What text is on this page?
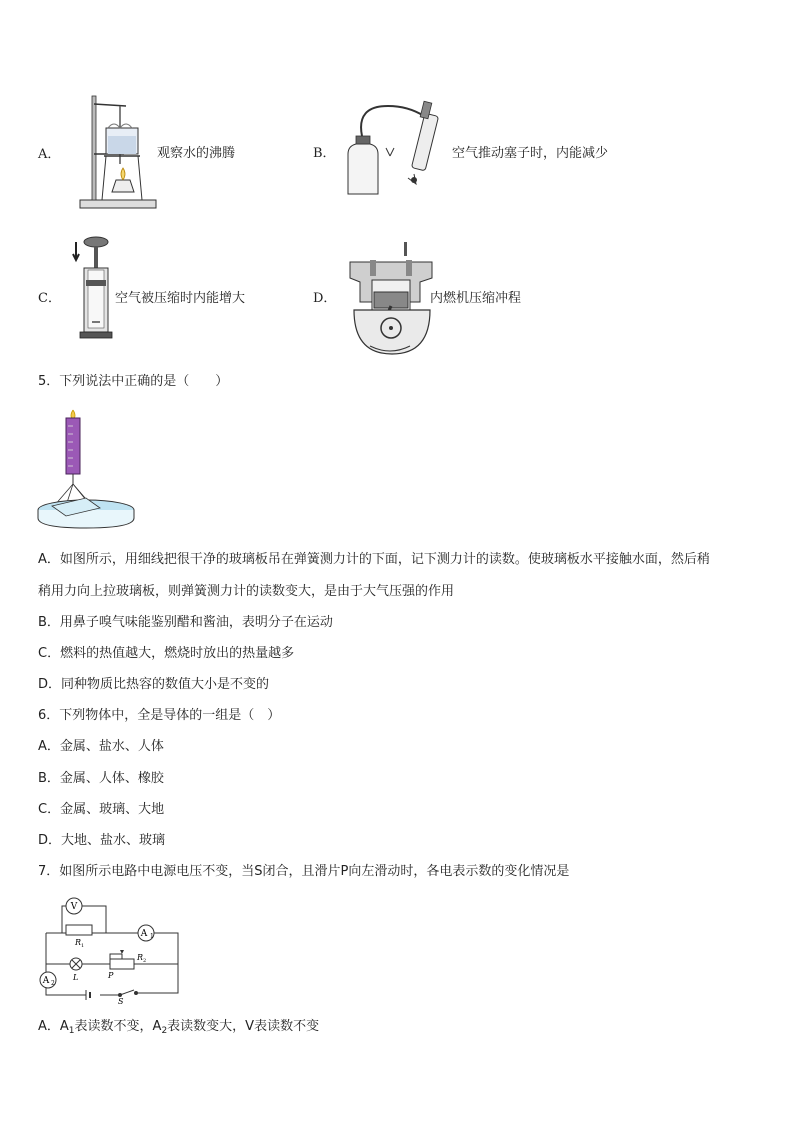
A．	观察水的沸腾	B．	空气推动塞子时，内能减少
C．	空气被压缩时内能增大	D．	内燃机压缩冲程
5．下列说法中正确的是（　　）
A．如图所示，用细线把很干净的玻璃板吊在弹簧测力计的下面，记下测力计的读数。使玻璃板水平接触水面，然后稍
稍用力向上拉玻璃板，则弹簧测力计的读数变大，是由于大气压强的作用
B．用鼻子嗅气味能鉴别醋和酱油，表明分子在运动
C．燃料的热值越大，燃烧时放出的热量越多
D．同种物质比热容的数值大小是不变的
6．下列物体中，全是导体的一组是（　）
A．金属、盐水、人体
B．金属、人体、橡胶
C．金属、玻璃、大地
D．大地、盐水、玻璃
7．如图所示电路中电源电压不变，当S闭合，且滑片P向左滑动时，各电表示数的变化情况是
V
A 1
A 2
R 1
R 2
L	P
S
A．$A_1$表读数不变，$A_2$表读数变大，V表读数不变
